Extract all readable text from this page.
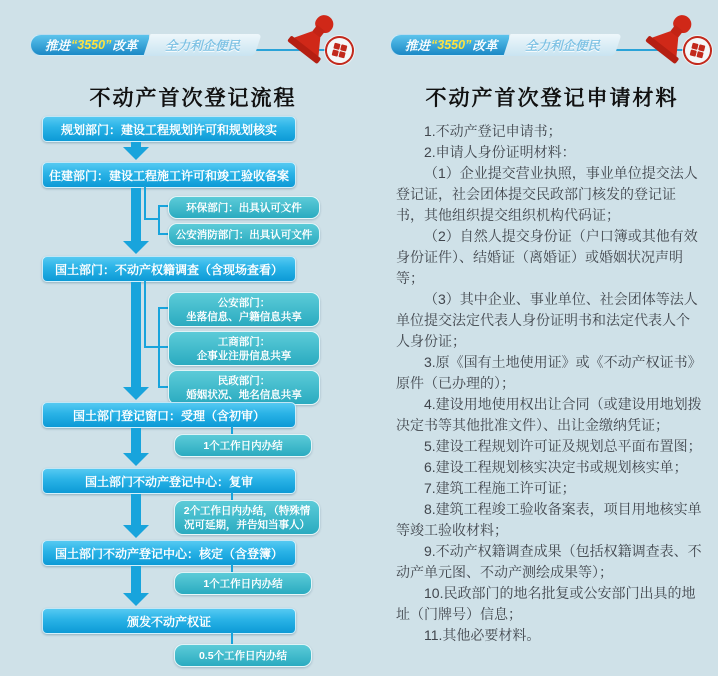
推进 “3550” 改革 全力利企便民
不动产首次登记流程
规划部门：建设工程规划许可和规划核实
住建部门：建设工程施工许可和竣工验收备案
环保部门：出具认可文件
公安消防部门：出具认可文件
国土部门：不动产权籍调查（含现场查看）
公安部门：
坐落信息、户籍信息共享
工商部门：
企事业注册信息共享
民政部门：
婚姻状况、地名信息共享
国土部门登记窗口：受理（含初审）
1个工作日内办结
国土部门不动产登记中心：复审
2个工作日内办结，（特殊情况可延期，并告知当事人）
国土部门不动产登记中心：核定（含登簿）
1个工作日内办结
颁发不动产权证
0.5个工作日内办结
推进 “3550” 改革 全力利企便民
不动产首次登记申请材料

1.不动产登记申请书；

2.申请人身份证明材料：

（1）企业提交营业执照，事业单位提交法人登记证，社会团体提交民政部门核发的登记证书，其他组织提交组织机构代码证；

（2）自然人提交身份证（户口簿或其他有效身份证件）、结婚证（离婚证）或婚姻状况声明等；

（3）其中企业、事业单位、社会团体等法人单位提交法定代表人身份证明书和法定代表人个人身份证；

3.原《国有土地使用证》或《不动产权证书》原件（已办理的）；

4.建设用地使用权出让合同（或建设用地划拨决定书等其他批准文件）、出让金缴纳凭证；

5.建设工程规划许可证及规划总平面布置图；

6.建设工程规划核实决定书或规划核实单；

7.建筑工程施工许可证；

8.建筑工程竣工验收备案表，项目用地核实单等竣工验收材料；

9.不动产权籍调查成果（包括权籍调查表、不动产单元图、不动产测绘成果等）；

10.民政部门的地名批复或公安部门出具的地址（门牌号）信息；

11.其他必要材料。
